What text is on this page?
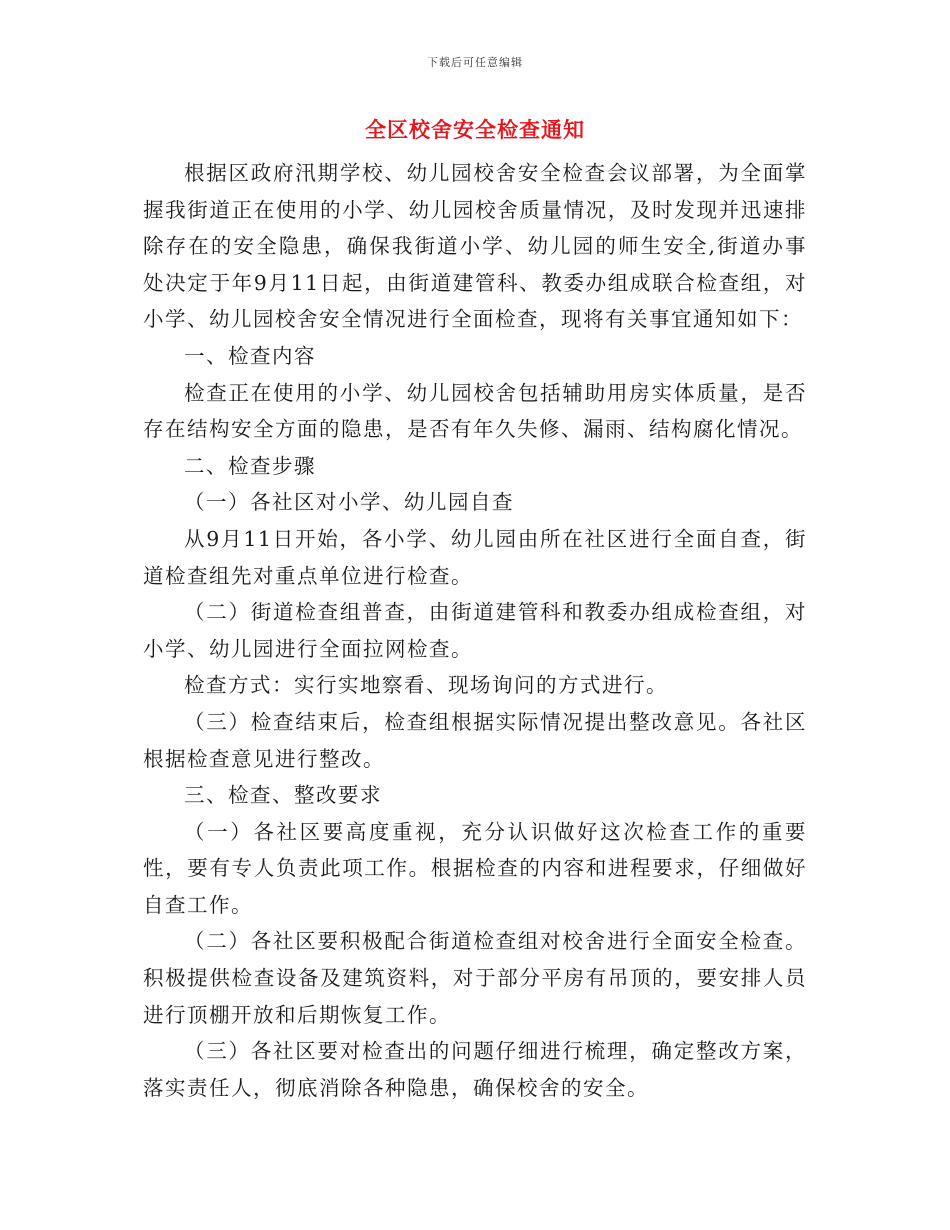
下载后可任意编辑
全区校舍安全检查通知

根据区政府汛期学校、幼儿园校舍安全检查会议部署，为全面掌握我街道正在使用的小学、幼儿园校舍质量情况，及时发现并迅速排除存在的安全隐患，确保我街道小学、幼儿园的师生安全,街道办事处决定于年9月11日起，由街道建管科、教委办组成联合检查组，对小学、幼儿园校舍安全情况进行全面检查，现将有关事宜通知如下：

一、检查内容

检查正在使用的小学、幼儿园校舍包括辅助用房实体质量，是否存在结构安全方面的隐患，是否有年久失修、漏雨、结构腐化情况。

二、检查步骤

（一）各社区对小学、幼儿园自查

从9月11日开始，各小学、幼儿园由所在社区进行全面自查，街道检查组先对重点单位进行检查。

（二）街道检查组普查，由街道建管科和教委办组成检查组，对小学、幼儿园进行全面拉网检查。

检查方式：实行实地察看、现场询问的方式进行。

（三）检查结束后，检查组根据实际情况提出整改意见。各社区根据检查意见进行整改。

三、检查、整改要求

（一）各社区要高度重视，充分认识做好这次检查工作的重要性，要有专人负责此项工作。根据检查的内容和进程要求，仔细做好自查工作。

（二）各社区要积极配合街道检查组对校舍进行全面安全检查。积极提供检查设备及建筑资料，对于部分平房有吊顶的，要安排人员进行顶棚开放和后期恢复工作。

（三）各社区要对检查出的问题仔细进行梳理，确定整改方案，落实责任人，彻底消除各种隐患，确保校舍的安全。
